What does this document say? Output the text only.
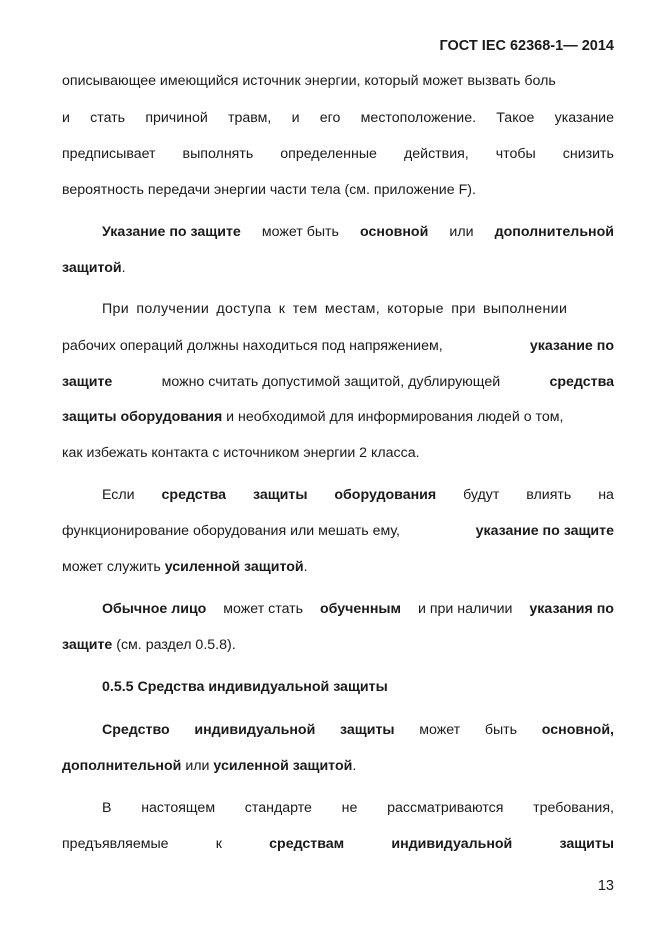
ГОСТ IEC 62368-1— 2014
описывающее имеющийся источник энергии, который может вызвать боль
и стать причиной травм, и его местоположение. Такое указание
предписывает выполнять определенные действия, чтобы снизить
вероятность передачи энергии части тела (см. приложение F).
Указание по защите может быть основной или дополнительной
защитой.
При получении доступа к тем местам, которые при выполнении
рабочих операций должны находиться под напряжением,	указание по
защите	можно считать допустимой защитой, дублирующей	средства
защиты оборудования и необходимой для информирования людей о том,
как избежать контакта с источником энергии 2 класса.
Если средства защиты оборудования будут влиять на
функционирование оборудования или мешать ему,	указание по защите
может служить усиленной защитой.
Обычное лицо может стать обученным и при наличии указания по
защите (см. раздел 0.5.8).
0.5.5 Средства индивидуальной защиты
Средство индивидуальной защиты может быть основной,
дополнительной или усиленной защитой.
В настоящем стандарте не рассматриваются требования,
предъявляемые	к	средствам	индивидуальной	защиты
13
